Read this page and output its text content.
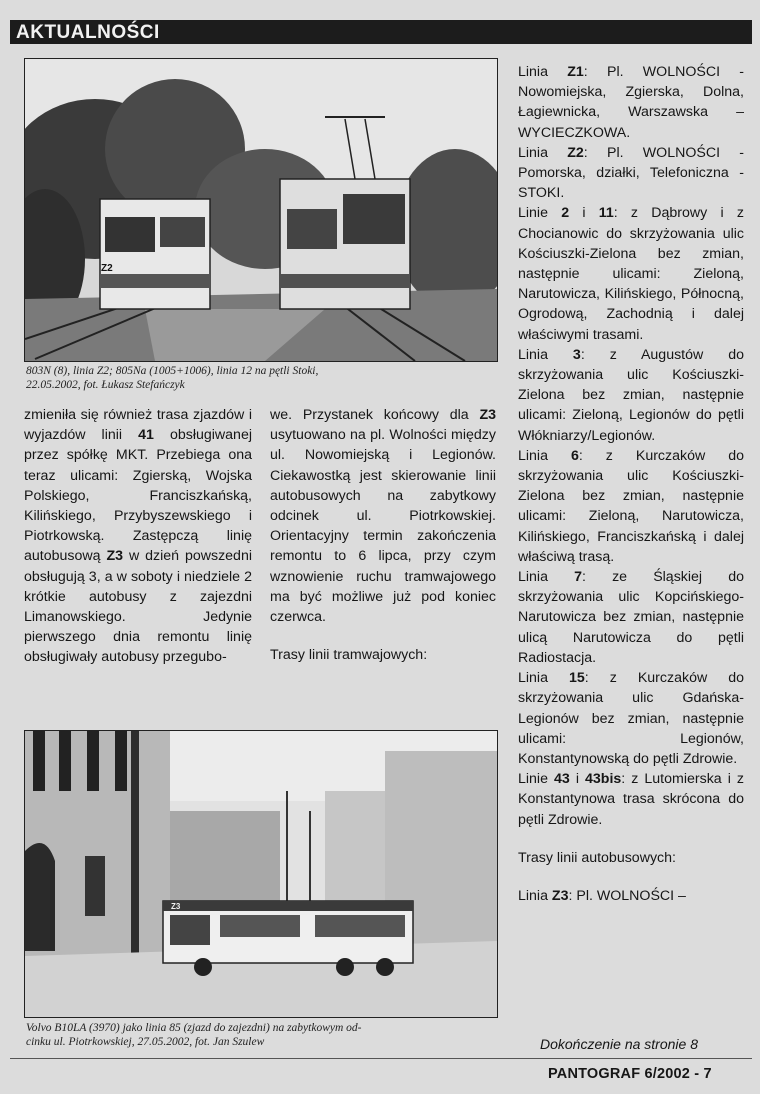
AKTUALNOŚCI
Z2
803N (8), linia Z2; 805Na (1005+1006), linia 12 na pętli Stoki,
22.05.2002, fot. Łukasz Stefańczyk

zmieniła się również trasa zjazdów i wyjazdów linii 41 obsługiwanej przez spółkę MKT. Przebiega ona teraz ulicami: Zgierską, Wojska Polskiego, Franciszkańską, Kilińskiego, Przybyszewskiego i Piotrkowską. Zastępczą linię autobusową Z3 w dzień powszedni obsługują 3, a w soboty i niedziele 2 krótkie autobusy z zajezdni Limanowskiego. Jedynie pierwszego dnia remontu linię obsługiwały autobusy przegubo-

we. Przystanek końcowy dla Z3 usytuowano na pl. Wolności między ul. Nowomiejską i Legionów. Ciekawostką jest skierowanie linii autobusowych na zabytkowy odcinek ul. Piotrkowskiej. Orientacyjny termin zakończenia remontu to 6 lipca, przy czym wznowienie ruchu tramwajowego ma być możliwe już pod koniec czerwca.

Trasy linii tramwajowych:

Z3
Volvo B10LA (3970) jako linia 85 (zjazd do zajezdni) na zabytkowym od-
cinku ul. Piotrkowskiej, 27.05.2002, fot. Jan Szulew

Linia Z1: Pl. WOLNOŚCI - Nowomiejska, Zgierska, Dolna, Łagiewnicka, Warszawska – WYCIECZKOWA.

Linia Z2: Pl. WOLNOŚCI - Pomorska, działki, Telefoniczna - STOKI.

Linie 2 i 11: z Dąbrowy i z Chocianowic do skrzyżowania ulic Kościuszki-Zielona bez zmian, następnie ulicami: Zieloną, Narutowicza, Kilińskiego, Północną, Ogrodową, Zachodnią i dalej właściwymi trasami.

Linia 3: z Augustów do skrzyżowania ulic Kościuszki-Zielona bez zmian, następnie ulicami: Zieloną, Legionów do pętli Włókniarzy/Legionów.

Linia 6: z Kurczaków do skrzyżowania ulic Kościuszki-Zielona bez zmian, następnie ulicami: Zieloną, Narutowicza, Kilińskiego, Franciszkańską i dalej właściwą trasą.

Linia 7: ze Śląskiej do skrzyżowania ulic Kopcińskiego-Narutowicza bez zmian, następnie ulicą Narutowicza do pętli Radiostacja.

Linia 15: z Kurczaków do skrzyżowania ulic Gdańska-Legionów bez zmian, następnie ulicami: Legionów, Konstantynowską do pętli Zdrowie.

Linie 43 i 43bis: z Lutomierska i z Konstantynowa trasa skrócona do pętli Zdrowie.

Trasy linii autobusowych:

Linia Z3: Pl. WOLNOŚCI –

Dokończenie na stronie 8
PANTOGRAF 6/2002 - 7
